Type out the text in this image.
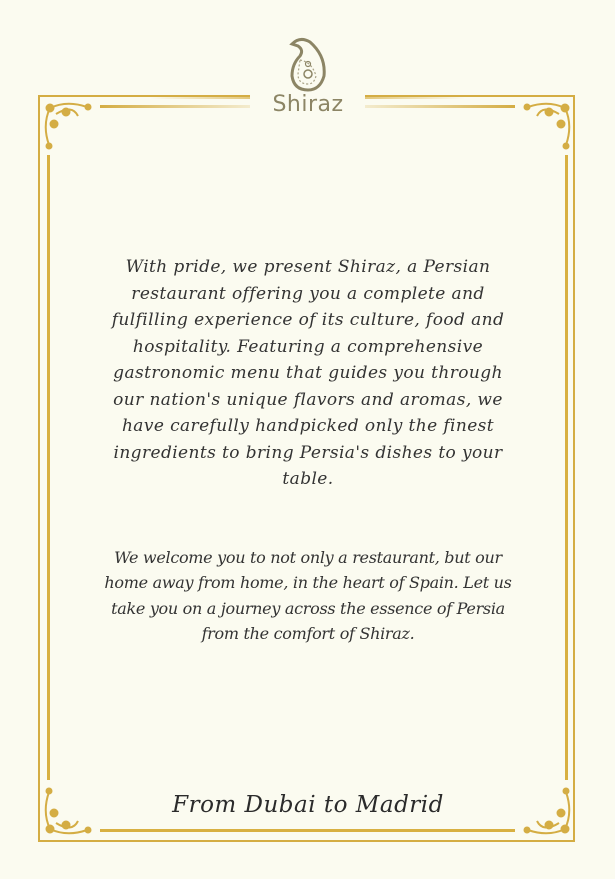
Shiraz
With pride, we present Shiraz, a Persian restaurant offering you a complete and fulfilling experience of its culture, food and hospitality. Featuring a comprehensive gastronomic menu that guides you through our nation's unique flavors and aromas, we have carefully handpicked only the finest ingredients to bring Persia's dishes to your table.
We welcome you to not only a restaurant, but our home away from home, in the heart of Spain. Let us take you on a journey across the essence of Persia from the comfort of Shiraz.
From Dubai to Madrid
